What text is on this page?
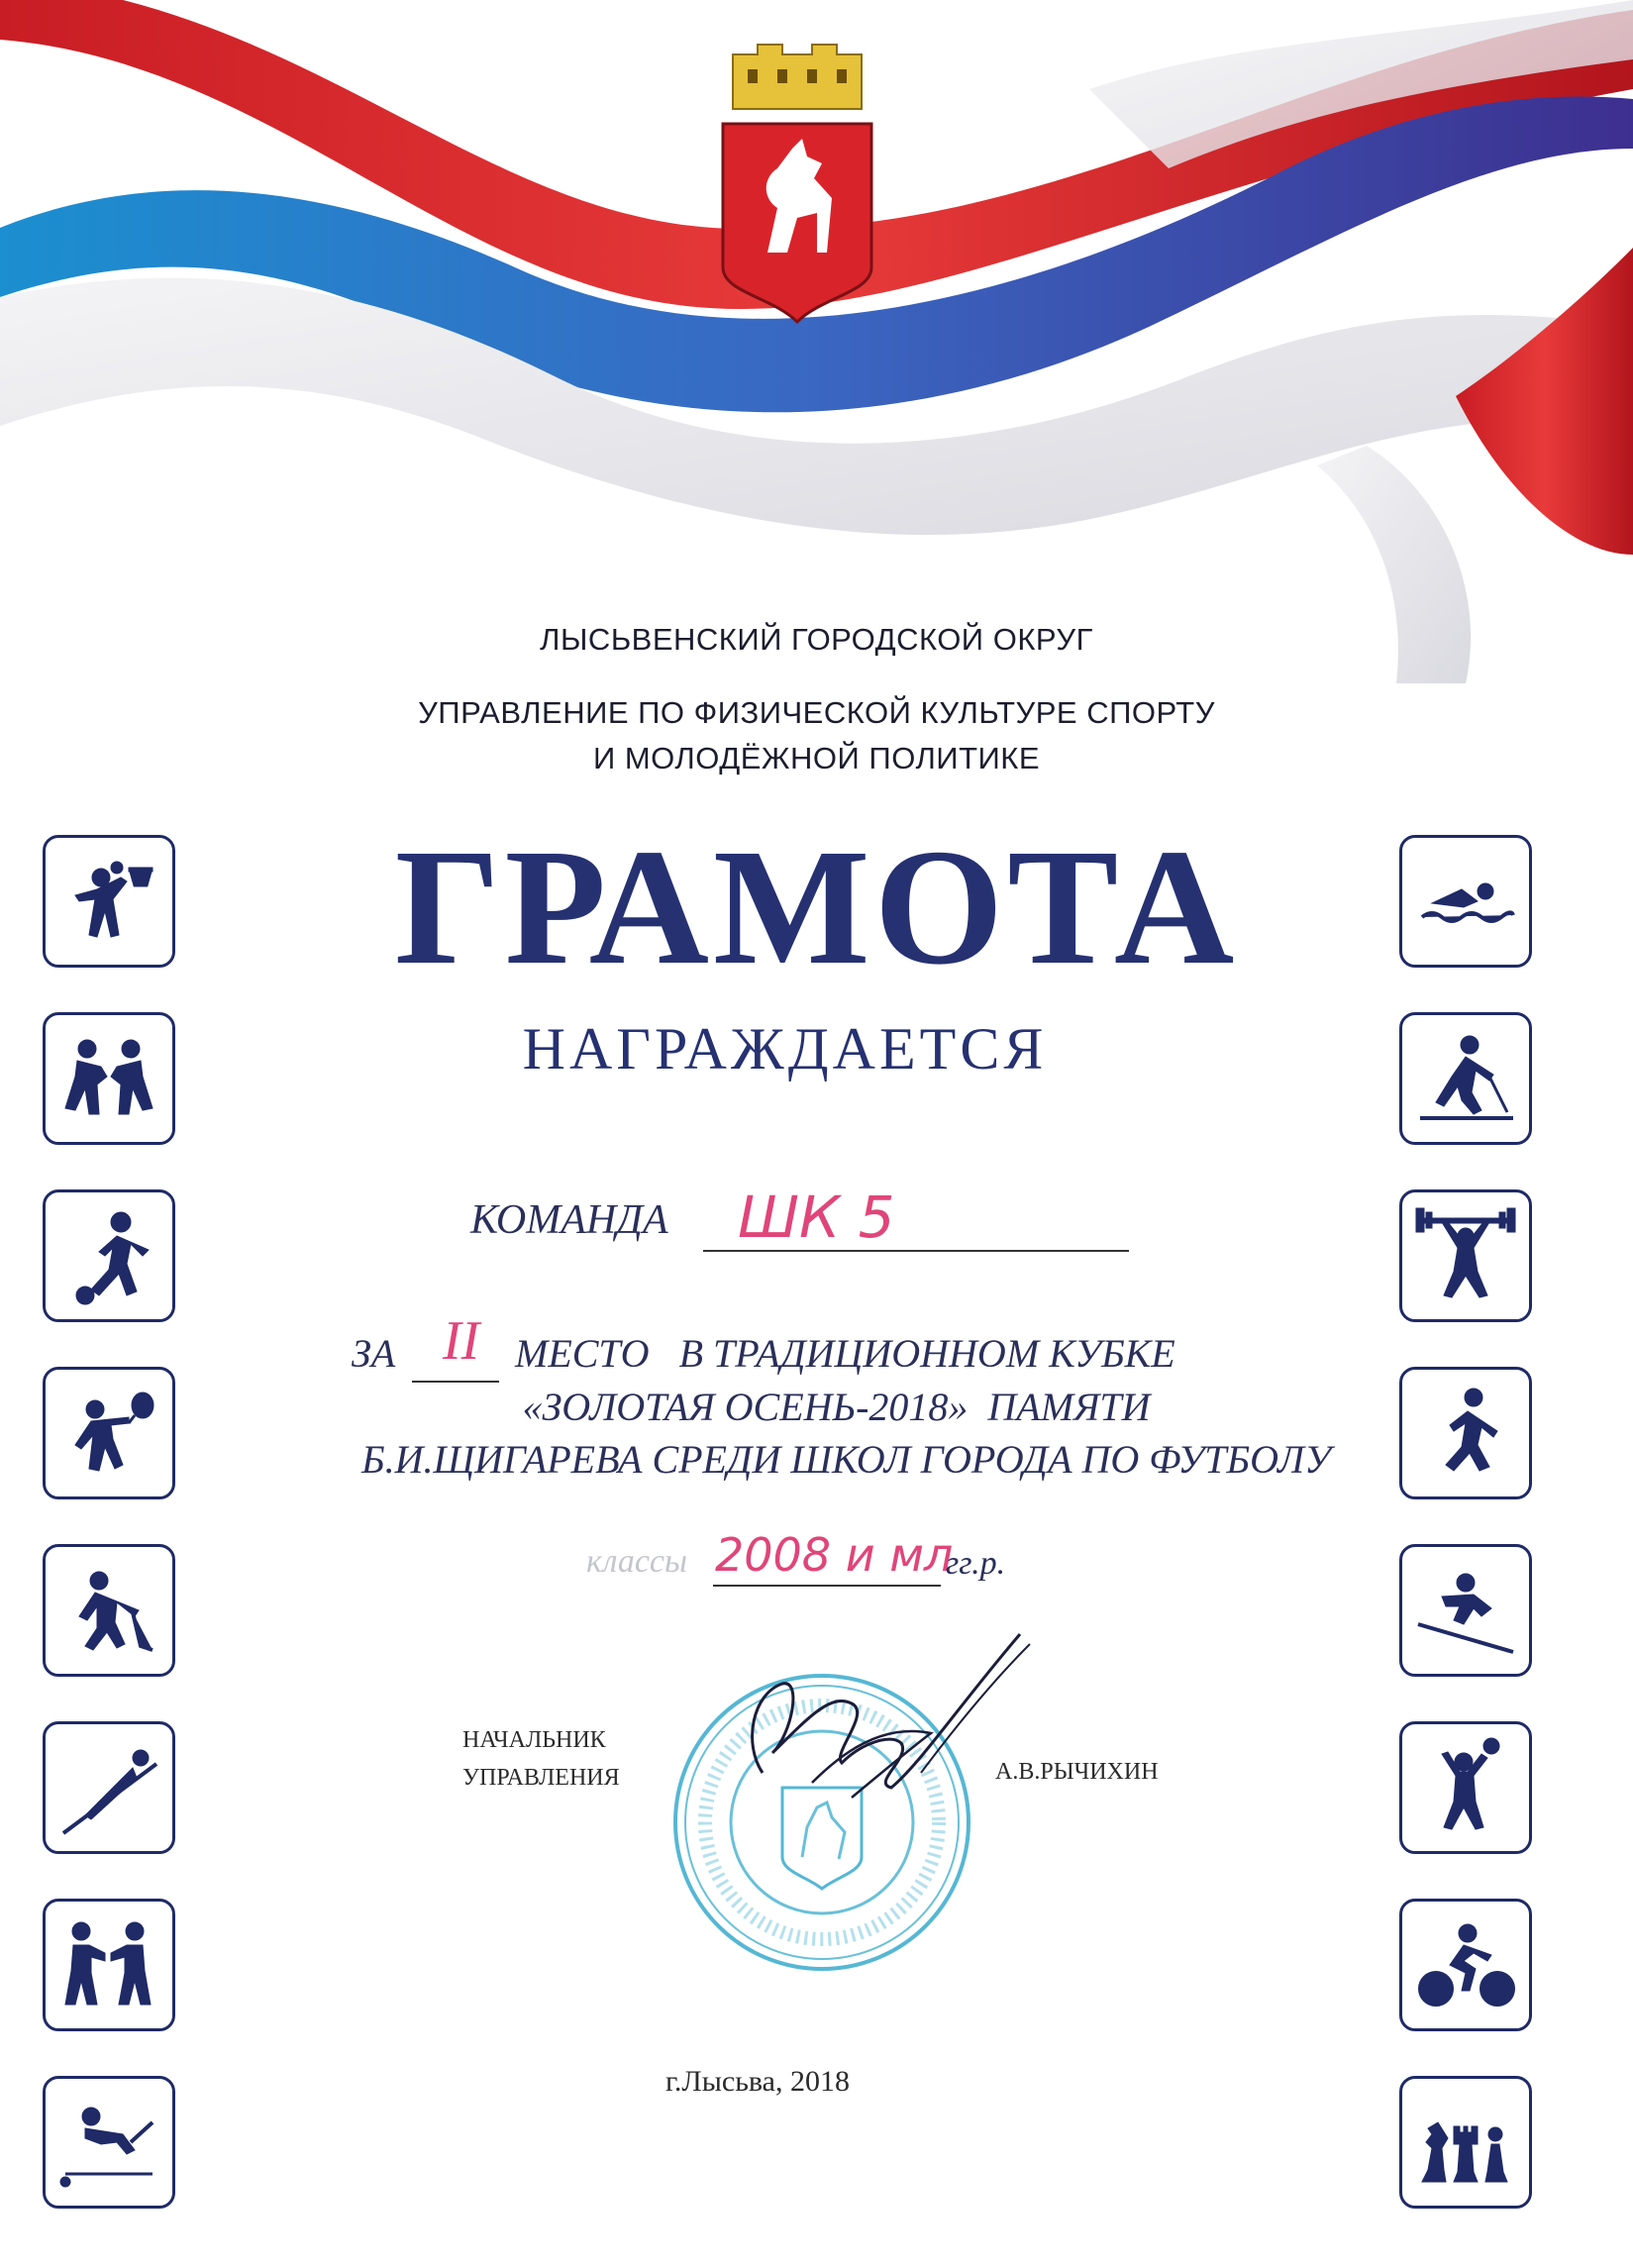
ЛЫСЬВЕНСКИЙ ГОРОДСКОЙ ОКРУГ
УПРАВЛЕНИЕ ПО ФИЗИЧЕСКОЙ КУЛЬТУРЕ СПОРТУ
И МОЛОДЁЖНОЙ ПОЛИТИКЕ
ГРАМОТА
НАГРАЖДАЕТСЯ
КОМАНДА ШК 5
ЗА II МЕСТО   В ТРАДИЦИОННОМ КУБКЕ
«ЗОЛОТАЯ ОСЕНЬ-2018»  ПАМЯТИ
Б.И.ЩИГАРЕВА СРЕДИ ШКОЛ ГОРОДА ПО ФУТБОЛУ
классы 2008 и мл
гг.р.
НАЧАЛЬНИК
УПРАВЛЕНИЯ	А.В.РЫЧИХИН
г.Лысьва, 2018
